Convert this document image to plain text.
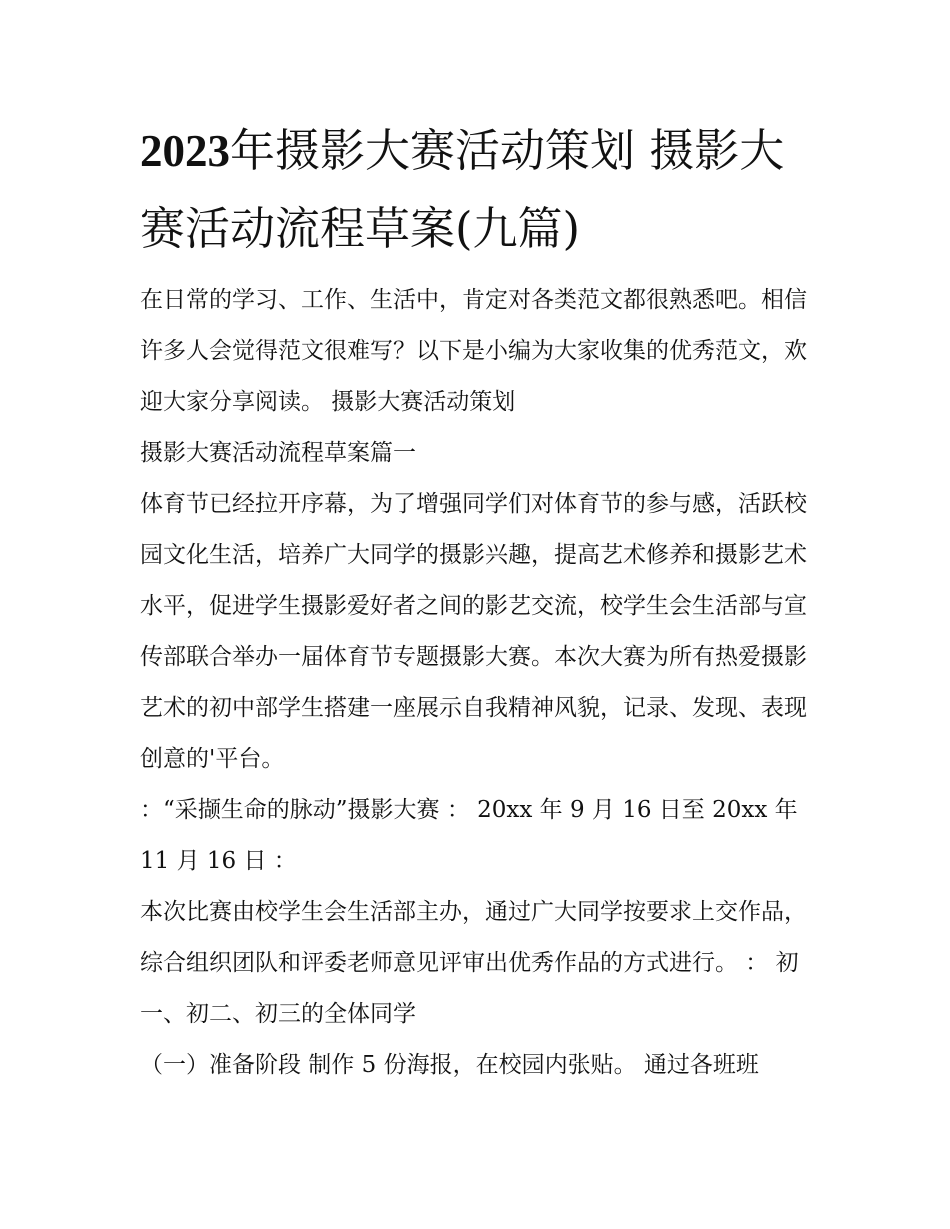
2023年摄影大赛活动策划 摄影大赛活动流程草案(九篇)

在日常的学习、工作、生活中，肯定对各类范文都很熟悉吧。相信许多人会觉得范文很难写？以下是小编为大家收集的优秀范文，欢迎大家分享阅读。 摄影大赛活动策划

摄影大赛活动流程草案篇一

体育节已经拉开序幕，为了增强同学们对体育节的参与感，活跃校园文化生活，培养广大同学的摄影兴趣，提高艺术修养和摄影艺术水平，促进学生摄影爱好者之间的影艺交流，校学生会生活部与宣传部联合举办一届体育节专题摄影大赛。本次大赛为所有热爱摄影艺术的初中部学生搭建一座展示自我精神风貌，记录、发现、表现创意的'平台。

：“采撷生命的脉动”摄影大赛 ： 20xx 年 9 月 16 日至 20xx 年 11 月 16 日 ：

本次比赛由校学生会生活部主办，通过广大同学按要求上交作品，综合组织团队和评委老师意见评审出优秀作品的方式进行。 ： 初一、初二、初三的全体同学

（一）准备阶段 制作 5 份海报，在校园内张贴。 通过各班班
